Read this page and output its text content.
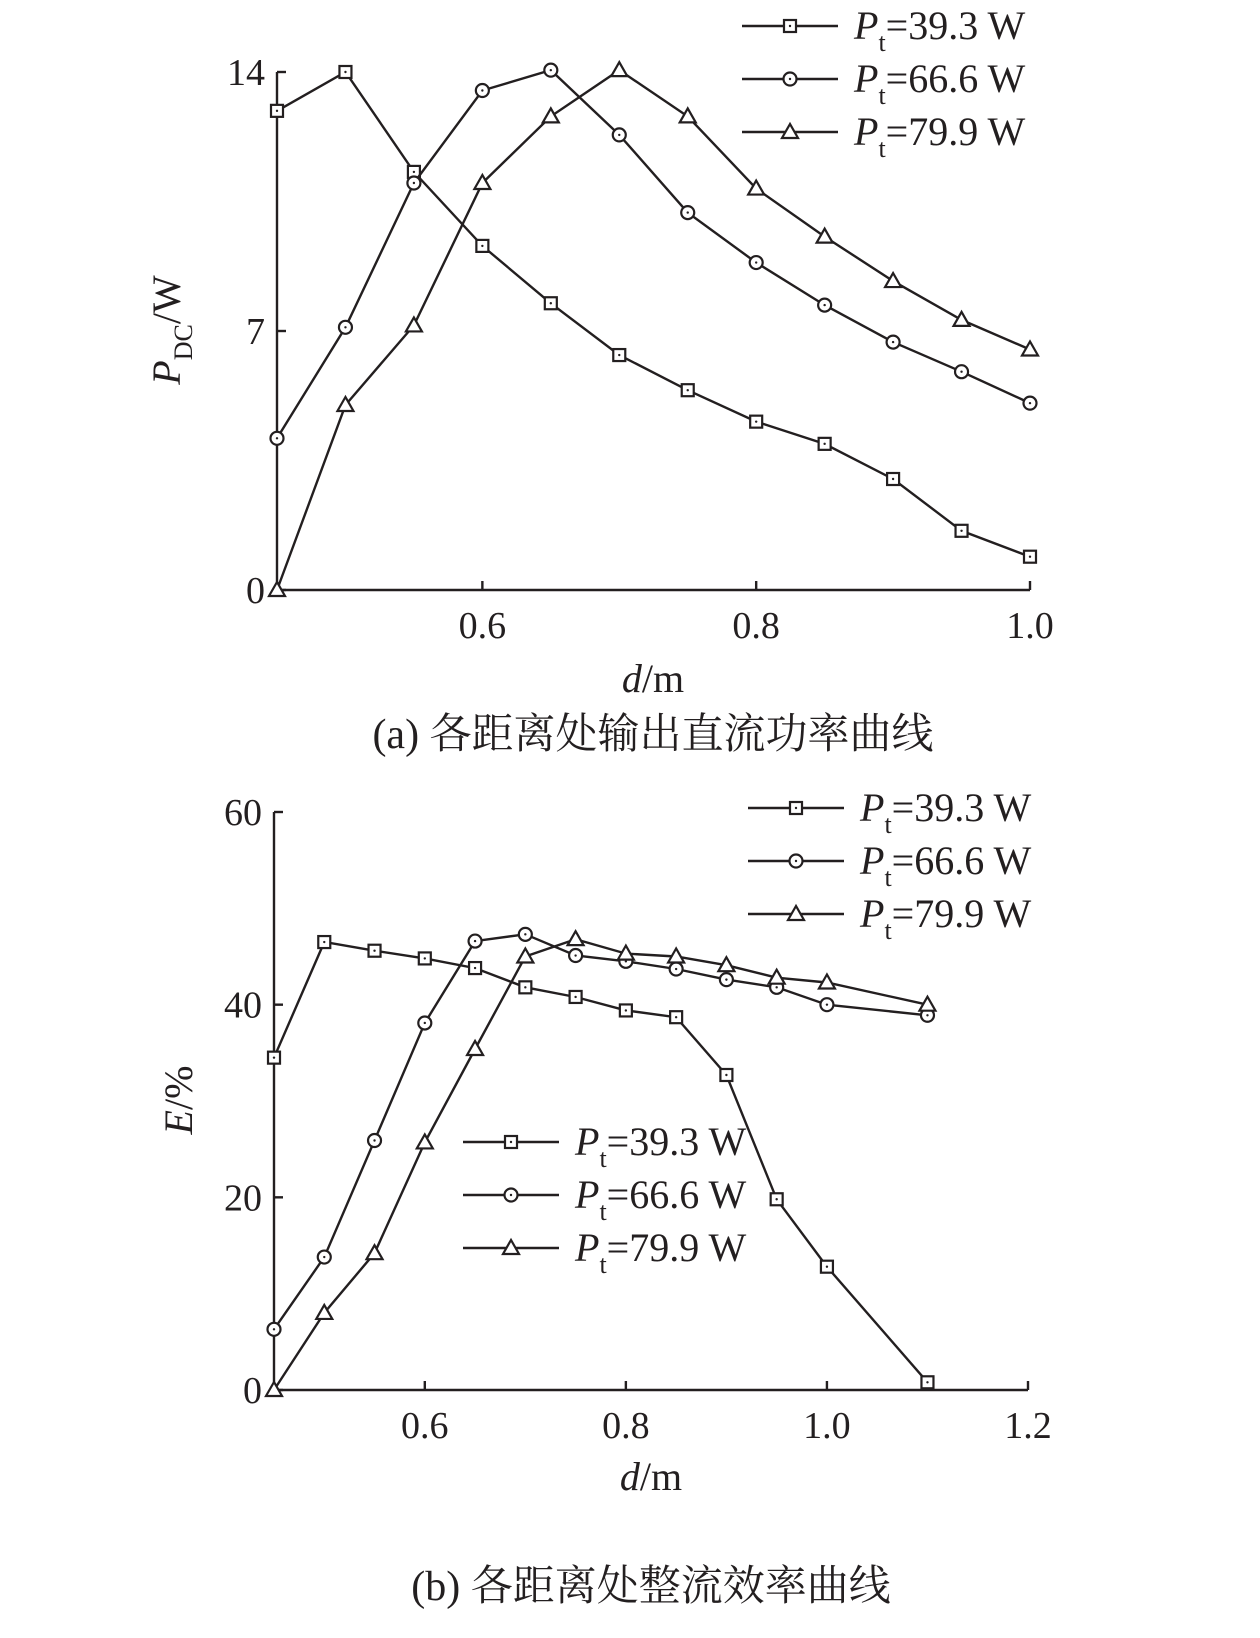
0.6	0.8	1.0
0
7
14
d/m
$P_{DC}/W$
(a) 各距离处输出直流功率曲线
$P_t=39.3$ W
$P_t=66.6$ W
$P_t=79.9$ W
0.6	0.8	1.0	1.2
0
20
40
60
d/m
E/%
(b) 各距离处整流效率曲线
$P_t=39.3$ W
$P_t=66.6$ W
$P_t=79.9$ W
$P_t=39.3$ W
$P_t=66.6$ W
$P_t=79.9$ W
